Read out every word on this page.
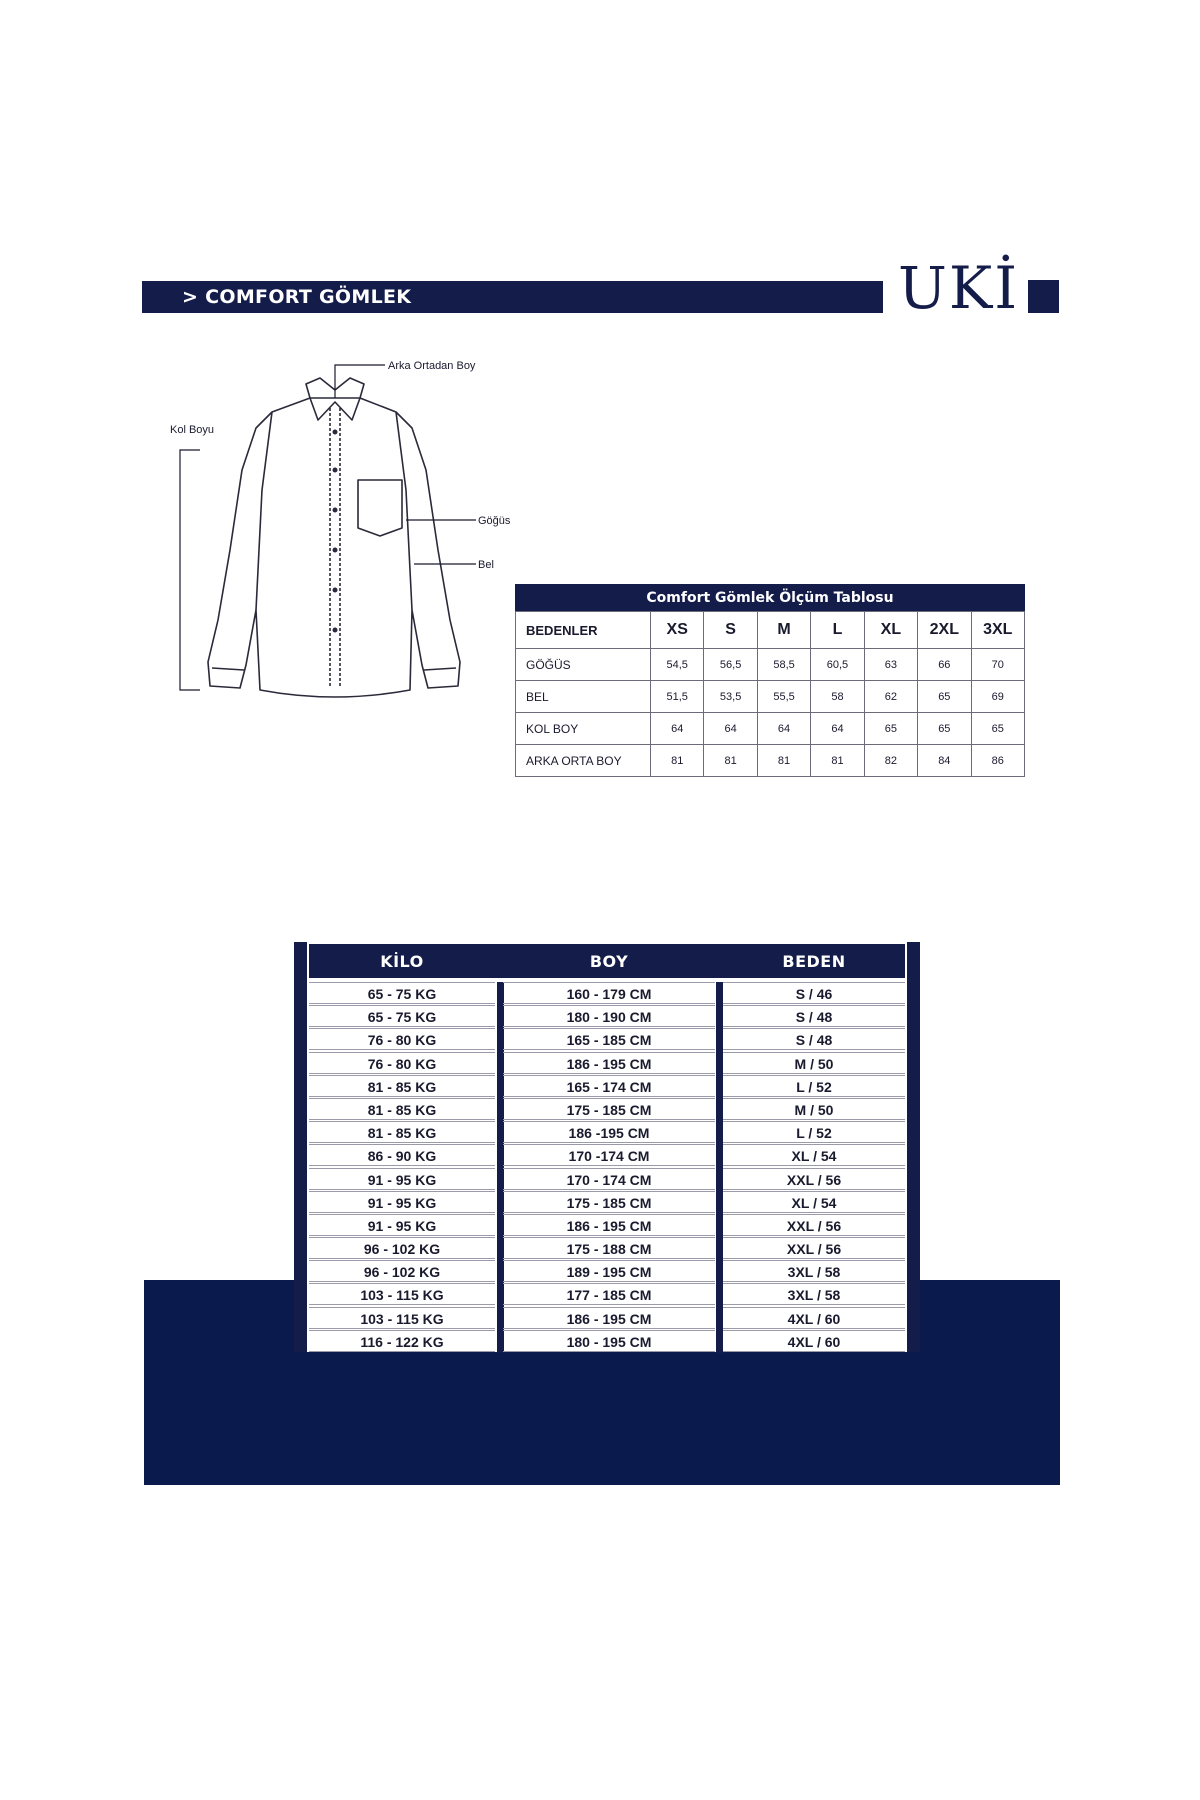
> COMFORT GÖMLEK	UKİ
Arka Ortadan Boy
Kol Boyu
Göğüs
Bel
Comfort Gömlek Ölçüm Tablosu
BEDENLER	XS	S	M	L	XL	2XL	3XL
GÖĞÜS	54,5	56,5	58,5	60,5	63	66	70
BEL	51,5	53,5	55,5	58	62	65	69
KOL BOY	64	64	64	64	65	65	65
ARKA ORTA BOY	81	81	81	81	82	84	86
KİLO	BOY	BEDEN
65 - 75 KG	160 - 179 CM	S / 46
65 - 75 KG	180 - 190 CM	S / 48
76 - 80 KG	165 - 185 CM	S / 48
76 - 80 KG	186 - 195 CM	M / 50
81 - 85 KG	165 - 174 CM	L / 52
81 - 85 KG	175 - 185 CM	M / 50
81 - 85 KG	186 -195 CM	L / 52
86 - 90 KG	170 -174 CM	XL / 54
91 - 95 KG	170 - 174 CM	XXL / 56
91 - 95 KG	175 - 185 CM	XL / 54
91 - 95 KG	186 - 195 CM	XXL / 56
96 - 102 KG	175 - 188 CM	XXL / 56
96 - 102 KG	189 - 195 CM	3XL / 58
103 - 115 KG	177 - 185 CM	3XL / 58
103 - 115 KG	186 - 195 CM	4XL / 60
116 - 122 KG	180 - 195 CM	4XL / 60
